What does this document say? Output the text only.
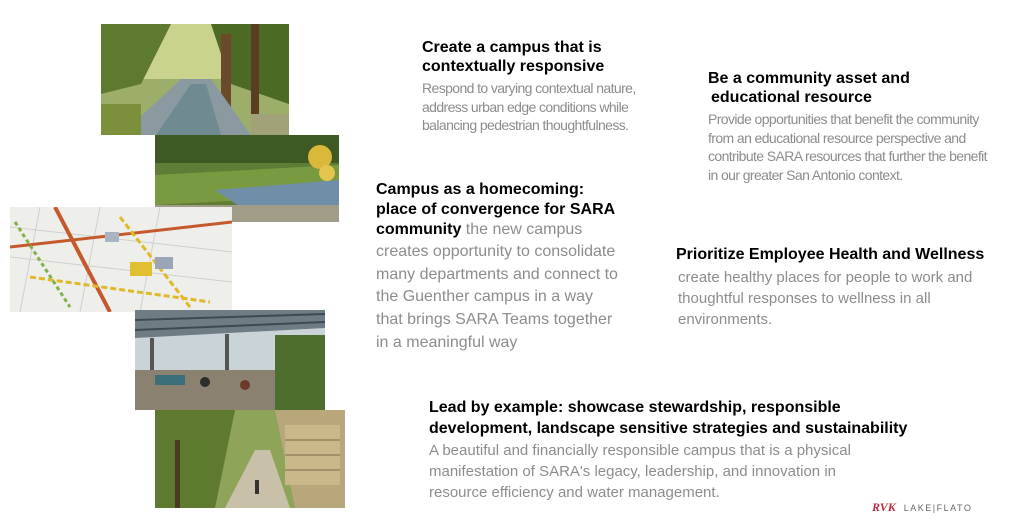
Create a campus that is
contextually responsive
Respond to varying contextual nature,
address urban edge conditions while
balancing pedestrian thoughtfulness.
Be a community asset and
educational resource
Provide opportunities that benefit the community
from an educational resource perspective and
contribute SARA resources that further the benefit
in our greater San Antonio context.
Campus as a homecoming:
place of convergence for SARA
community the new campus
creates opportunity to consolidate
many departments and connect to
the Guenther campus in a way
that brings SARA Teams together
in a meaningful way
Prioritize Employee Health and Wellness
create healthy places for people to work and
thoughtful responses to wellness in all
environments.
Lead by example: showcase stewardship, responsible
development, landscape sensitive strategies and sustainability
A beautiful and financially responsible campus that is a physical
manifestation of SARA's legacy, leadership, and innovation in
resource efficiency and water management.
RVK LAKE|FLATO
